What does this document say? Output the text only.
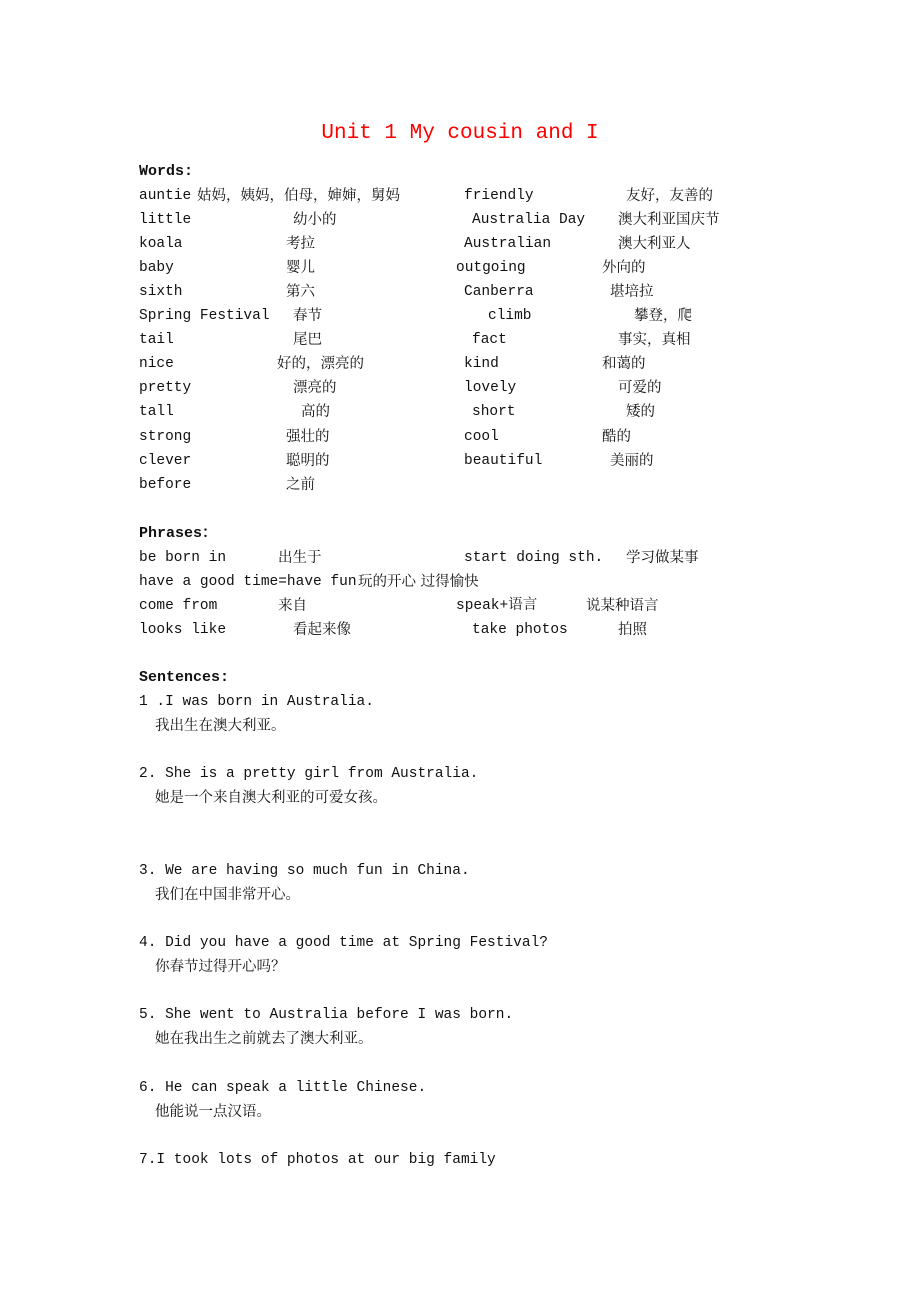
Unit 1 My cousin and I
Words:
auntie 姑妈，姨妈，伯母，婶婶，舅妈	friendly	友好，友善的
little	幼小的	Australia Day 澳大利亚国庆节
koala	考拉	Australian	澳大利亚人
baby	婴儿	outgoing	外向的
sixth	第六	Canberra	堪培拉
Spring Festival 春节	climb	攀登，爬
tail	尾巴	fact	事实，真相
nice	好的，漂亮的	kind	和蔼的
pretty	漂亮的	lovely	可爱的
tall	高的	short	矮的
strong	强壮的	cool	酷的
clever	聪明的	beautiful	美丽的
before	之前
Phrases：
be born in	出生于	start doing sth. 学习做某事
have a good time=have fun 玩的开心 过得愉快
come from	来自	speak+语言	说某种语言
looks like	看起来像	take photos	拍照
Sentences:
1 .I was born in Australia.
我出生在澳大利亚。
2. She is a pretty girl from Australia.
她是一个来自澳大利亚的可爱女孩。
3. We are having so much fun in China.
我们在中国非常开心。
4. Did you have a good time at Spring Festival?
你春节过得开心吗？
5. She went to Australia before I was born.
她在我出生之前就去了澳大利亚。
6. He can speak a little Chinese.
他能说一点汉语。
7.I took lots of photos at our big family
